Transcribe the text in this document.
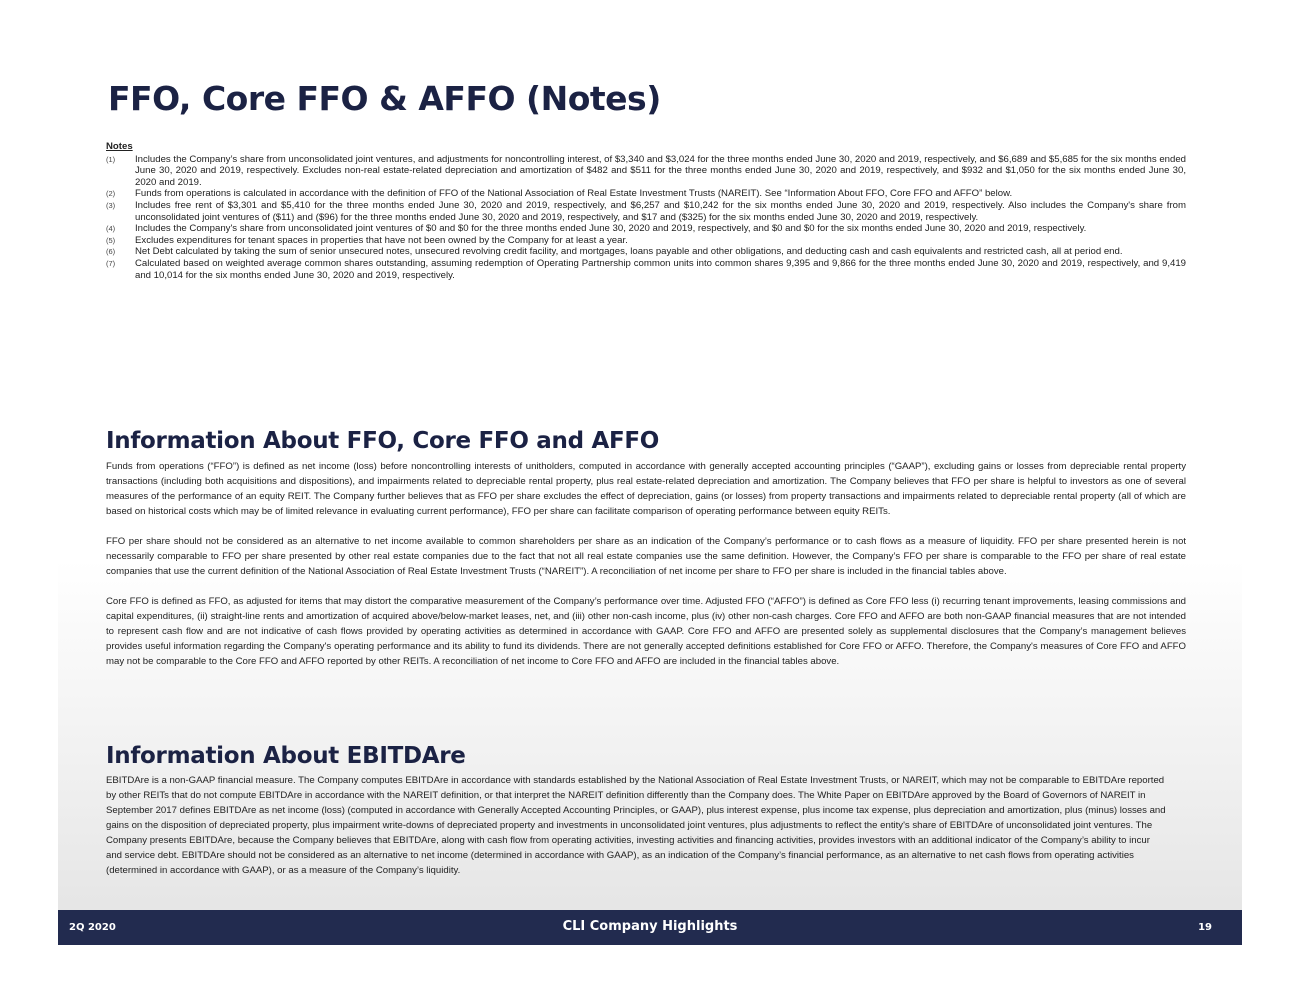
FFO, Core FFO & AFFO (Notes)
Notes
(1)	Includes the Company’s share from unconsolidated joint ventures, and adjustments for noncontrolling interest, of $3,340 and $3,024 for the three months ended June 30, 2020 and 2019, respectively, and $6,689 and $5,685 for the six months ended June 30, 2020 and 2019, respectively. Excludes non-real estate-related depreciation and amortization of $482 and $511 for the three months ended June 30, 2020 and 2019, respectively, and $932 and $1,050 for the six months ended June 30, 2020 and 2019.
(2)	Funds from operations is calculated in accordance with the definition of FFO of the National Association of Real Estate Investment Trusts (NAREIT). See “Information About FFO, Core FFO and AFFO” below.
(3)	Includes free rent of $3,301 and $5,410 for the three months ended June 30, 2020 and 2019, respectively, and $6,257 and $10,242 for the six months ended June 30, 2020 and 2019, respectively. Also includes the Company's share from unconsolidated joint ventures of ($11) and ($96) for the three months ended June 30, 2020 and 2019, respectively, and $17 and ($325) for the six months ended June 30, 2020 and 2019, respectively.
(4)	Includes the Company's share from unconsolidated joint ventures of $0 and $0 for the three months ended June 30, 2020 and 2019, respectively, and $0 and $0 for the six months ended June 30, 2020 and 2019, respectively.
(5)	Excludes expenditures for tenant spaces in properties that have not been owned by the Company for at least a year.
(6)	Net Debt calculated by taking the sum of senior unsecured notes, unsecured revolving credit facility, and mortgages, loans payable and other obligations, and deducting cash and cash equivalents and restricted cash, all at period end.
(7)	Calculated based on weighted average common shares outstanding, assuming redemption of Operating Partnership common units into common shares 9,395 and 9,866 for the three months ended June 30, 2020 and 2019, respectively, and 9,419 and 10,014 for the six months ended June 30, 2020 and 2019, respectively.
Information About FFO, Core FFO and AFFO

Funds from operations (“FFO”) is defined as net income (loss) before noncontrolling interests of unitholders, computed in accordance with generally accepted accounting principles (“GAAP”), excluding gains or losses from depreciable rental property transactions (including both acquisitions and dispositions), and impairments related to depreciable rental property, plus real estate-related depreciation and amortization. The Company believes that FFO per share is helpful to investors as one of several measures of the performance of an equity REIT. The Company further believes that as FFO per share excludes the effect of depreciation, gains (or losses) from property transactions and impairments related to depreciable rental property (all of which are based on historical costs which may be of limited relevance in evaluating current performance), FFO per share can facilitate comparison of operating performance between equity REITs.

FFO per share should not be considered as an alternative to net income available to common shareholders per share as an indication of the Company’s performance or to cash flows as a measure of liquidity. FFO per share presented herein is not necessarily comparable to FFO per share presented by other real estate companies due to the fact that not all real estate companies use the same definition. However, the Company’s FFO per share is comparable to the FFO per share of real estate companies that use the current definition of the National Association of Real Estate Investment Trusts (“NAREIT”). A reconciliation of net income per share to FFO per share is included in the financial tables above.

Core FFO is defined as FFO, as adjusted for items that may distort the comparative measurement of the Company’s performance over time. Adjusted FFO (“AFFO”) is defined as Core FFO less (i) recurring tenant improvements, leasing commissions and capital expenditures, (ii) straight-line rents and amortization of acquired above/below-market leases, net, and (iii) other non-cash income, plus (iv) other non-cash charges. Core FFO and AFFO are both non-GAAP financial measures that are not intended to represent cash flow and are not indicative of cash flows provided by operating activities as determined in accordance with GAAP. Core FFO and AFFO are presented solely as supplemental disclosures that the Company’s management believes provides useful information regarding the Company's operating performance and its ability to fund its dividends. There are not generally accepted definitions established for Core FFO or AFFO. Therefore, the Company's measures of Core FFO and AFFO may not be comparable to the Core FFO and AFFO reported by other REITs. A reconciliation of net income to Core FFO and AFFO are included in the financial tables above.

Information About EBITDAre

EBITDAre is a non-GAAP financial measure. The Company computes EBITDAre in accordance with standards established by the National Association of Real Estate Investment Trusts, or NAREIT, which may not be comparable to EBITDAre reported by other REITs that do not compute EBITDAre in accordance with the NAREIT definition, or that interpret the NAREIT definition differently than the Company does. The White Paper on EBITDAre approved by the Board of Governors of NAREIT in September 2017 defines EBITDAre as net income (loss) (computed in accordance with Generally Accepted Accounting Principles, or GAAP), plus interest expense, plus income tax expense, plus depreciation and amortization, plus (minus) losses and gains on the disposition of depreciated property, plus impairment write-downs of depreciated property and investments in unconsolidated joint ventures, plus adjustments to reflect the entity's share of EBITDAre of unconsolidated joint ventures. The Company presents EBITDAre, because the Company believes that EBITDAre, along with cash flow from operating activities, investing activities and financing activities, provides investors with an additional indicator of the Company’s ability to incur and service debt. EBITDAre should not be considered as an alternative to net income (determined in accordance with GAAP), as an indication of the Company’s financial performance, as an alternative to net cash flows from operating activities (determined in accordance with GAAP), or as a measure of the Company’s liquidity.

2Q 2020	CLI Company Highlights	19
